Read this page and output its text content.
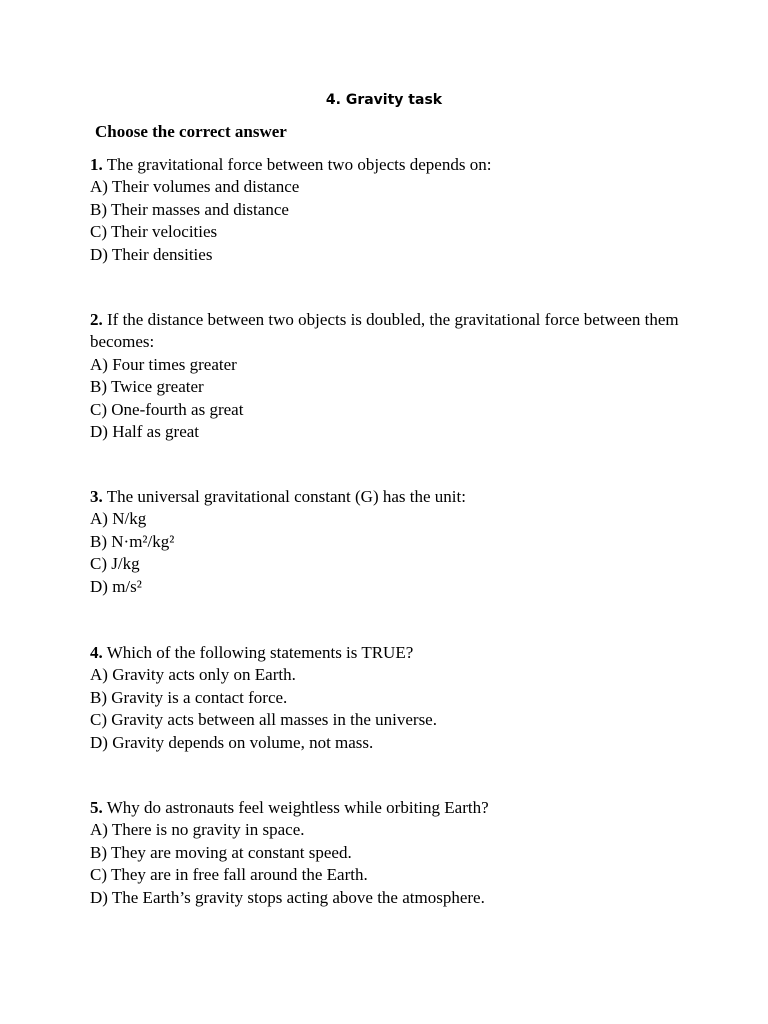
4. Gravity task
Choose the correct answer
1. The gravitational force between two objects depends on:
A) Their volumes and distance
B) Their masses and distance
C) Their velocities
D) Their densities
2. If the distance between two objects is doubled, the gravitational force between them becomes:
A) Four times greater
B) Twice greater
C) One-fourth as great
D) Half as great
3. The universal gravitational constant (G) has the unit:
A) N/kg
B) N·m²/kg²
C) J/kg
D) m/s²
4. Which of the following statements is TRUE?
A) Gravity acts only on Earth.
B) Gravity is a contact force.
C) Gravity acts between all masses in the universe.
D) Gravity depends on volume, not mass.
5. Why do astronauts feel weightless while orbiting Earth?
A) There is no gravity in space.
B) They are moving at constant speed.
C) They are in free fall around the Earth.
D) The Earth’s gravity stops acting above the atmosphere.
